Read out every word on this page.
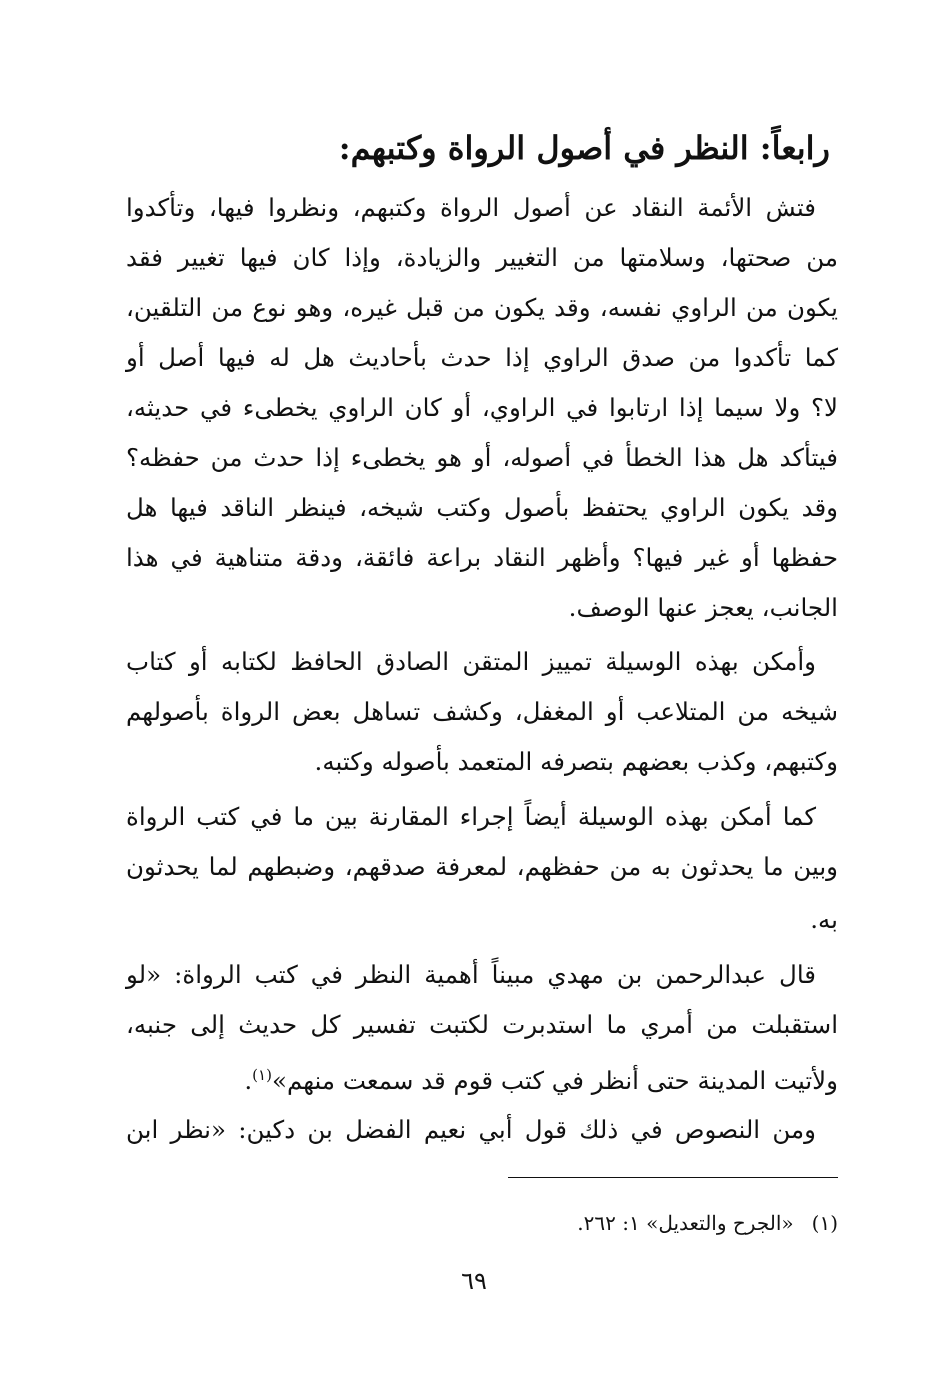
رابعاً: النظر في أصول الرواة وكتبهم:
فتش الأئمة النقاد عن أصول الرواة وكتبهم، ونظروا فيها، وتأكدوا
من صحتها، وسلامتها من التغيير والزيادة، وإذا كان فيها تغيير فقد
يكون من الراوي نفسه، وقد يكون من قبل غيره، وهو نوع من التلقين،
كما تأكدوا من صدق الراوي إذا حدث بأحاديث هل له فيها أصل أو
لا؟ ولا سيما إذا ارتابوا في الراوي، أو كان الراوي يخطىء في حديثه،
فيتأكد هل هذا الخطأ في أصوله، أو هو يخطىء إذا حدث من حفظه؟
وقد يكون الراوي يحتفظ بأصول وكتب شيخه، فينظر الناقد فيها هل
حفظها أو غير فيها؟ وأظهر النقاد براعة فائقة، ودقة متناهية في هذا
الجانب، يعجز عنها الوصف.
وأمكن بهذه الوسيلة تمييز المتقن الصادق الحافظ لكتابه أو كتاب
شيخه من المتلاعب أو المغفل، وكشف تساهل بعض الرواة بأصولهم
وكتبهم، وكذب بعضهم بتصرفه المتعمد بأصوله وكتبه.
كما أمكن بهذه الوسيلة أيضاً إجراء المقارنة بين ما في كتب الرواة
وبين ما يحدثون به من حفظهم، لمعرفة صدقهم، وضبطهم لما يحدثون
به.
قال عبدالرحمن بن مهدي مبيناً أهمية النظر في كتب الرواة: «لو
استقبلت من أمري ما استدبرت لكتبت تفسير كل حديث إلى جنبه،
ولأتيت المدينة حتى أنظر في كتب قوم قد سمعت منهم»$^{(١)}$.
ومن النصوص في ذلك قول أبي نعيم الفضل بن دكين: «نظر ابن
(١)«الجرح والتعديل» ١: ٢٦٢.
٦٩
